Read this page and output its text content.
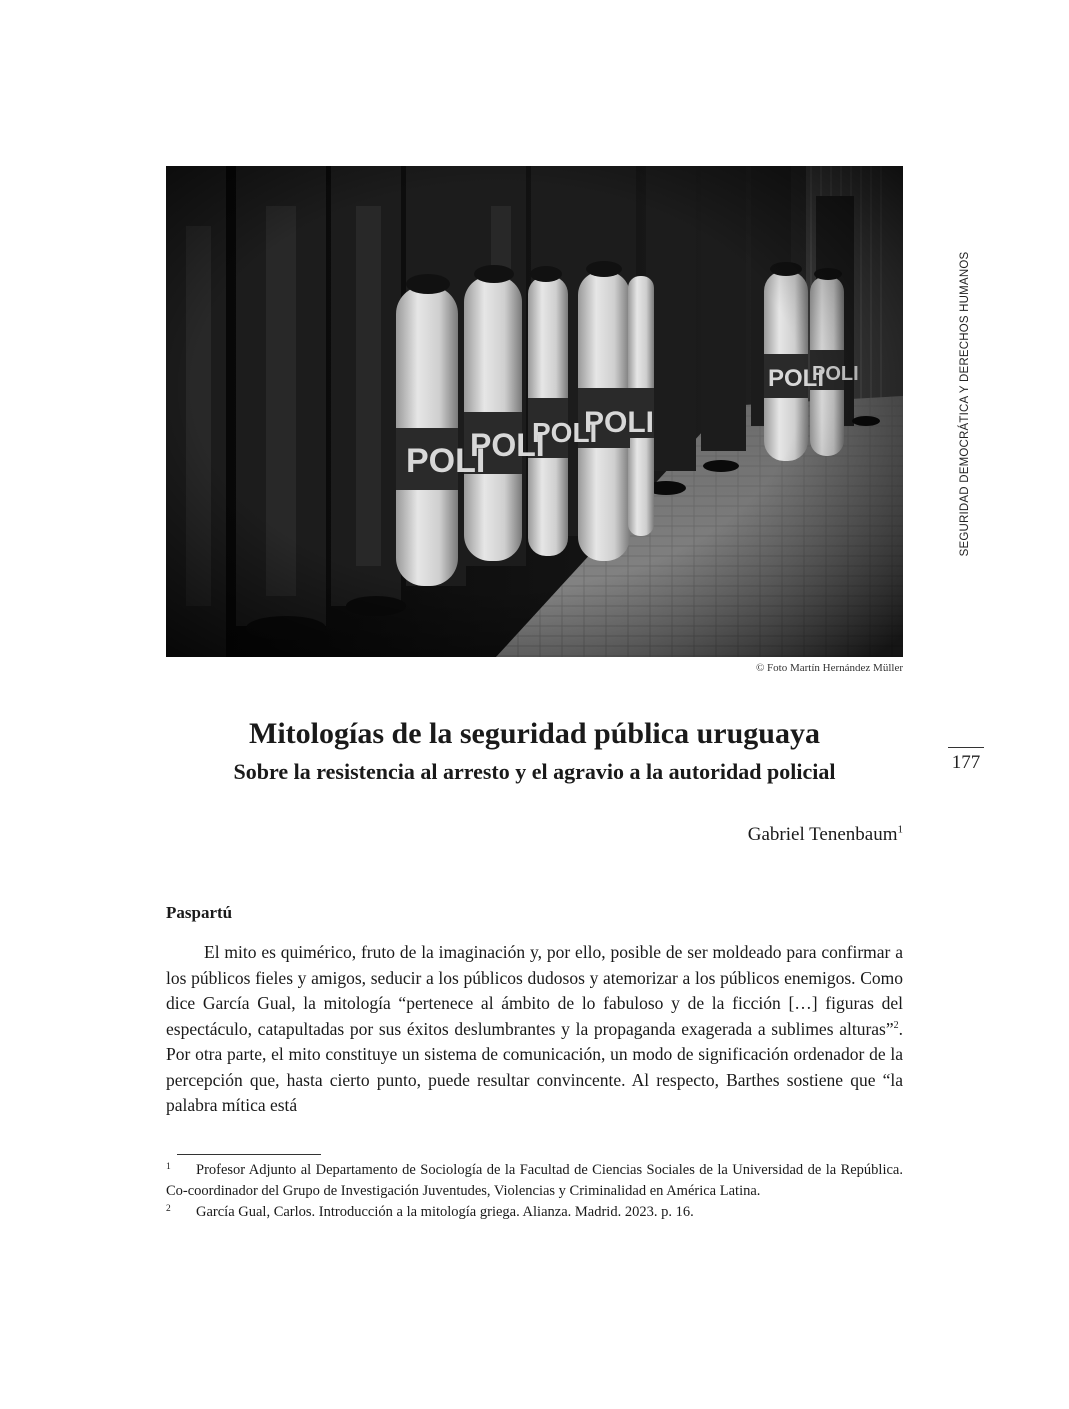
© Foto Martín Hernández Müller
SEGURIDAD DEMOCRÁTICA Y DERECHOS HUMANOS
177
Mitologías de la seguridad pública uruguaya
Sobre la resistencia al arresto y el agravio a la autoridad policial
Gabriel Tenenbaum$^1$
Paspartú

El mito es quimérico, fruto de la imaginación y, por ello, posible de ser moldeado para confirmar a los públicos fieles y amigos, seducir a los públicos dudosos y atemorizar a los públicos enemigos. Como dice García Gual, la mitología “pertenece al ámbito de lo fabuloso y de la ficción […] figuras del espectáculo, catapultadas por sus éxitos deslumbrantes y la propaganda exagerada a sublimes alturas”$^2$. Por otra parte, el mito constituye un sistema de comunicación, un modo de significación ordenador de la percepción que, hasta cierto punto, puede resultar convincente. Al respecto, Barthes sostiene que “la palabra mítica está

1 Profesor Adjunto al Departamento de Sociología de la Facultad de Ciencias Sociales de la Universidad de la República. Co-coordinador del Grupo de Investigación Juventudes, Violencias y Criminalidad en América Latina.

2 García Gual, Carlos. Introducción a la mitología griega. Alianza. Madrid. 2023. p. 16.
